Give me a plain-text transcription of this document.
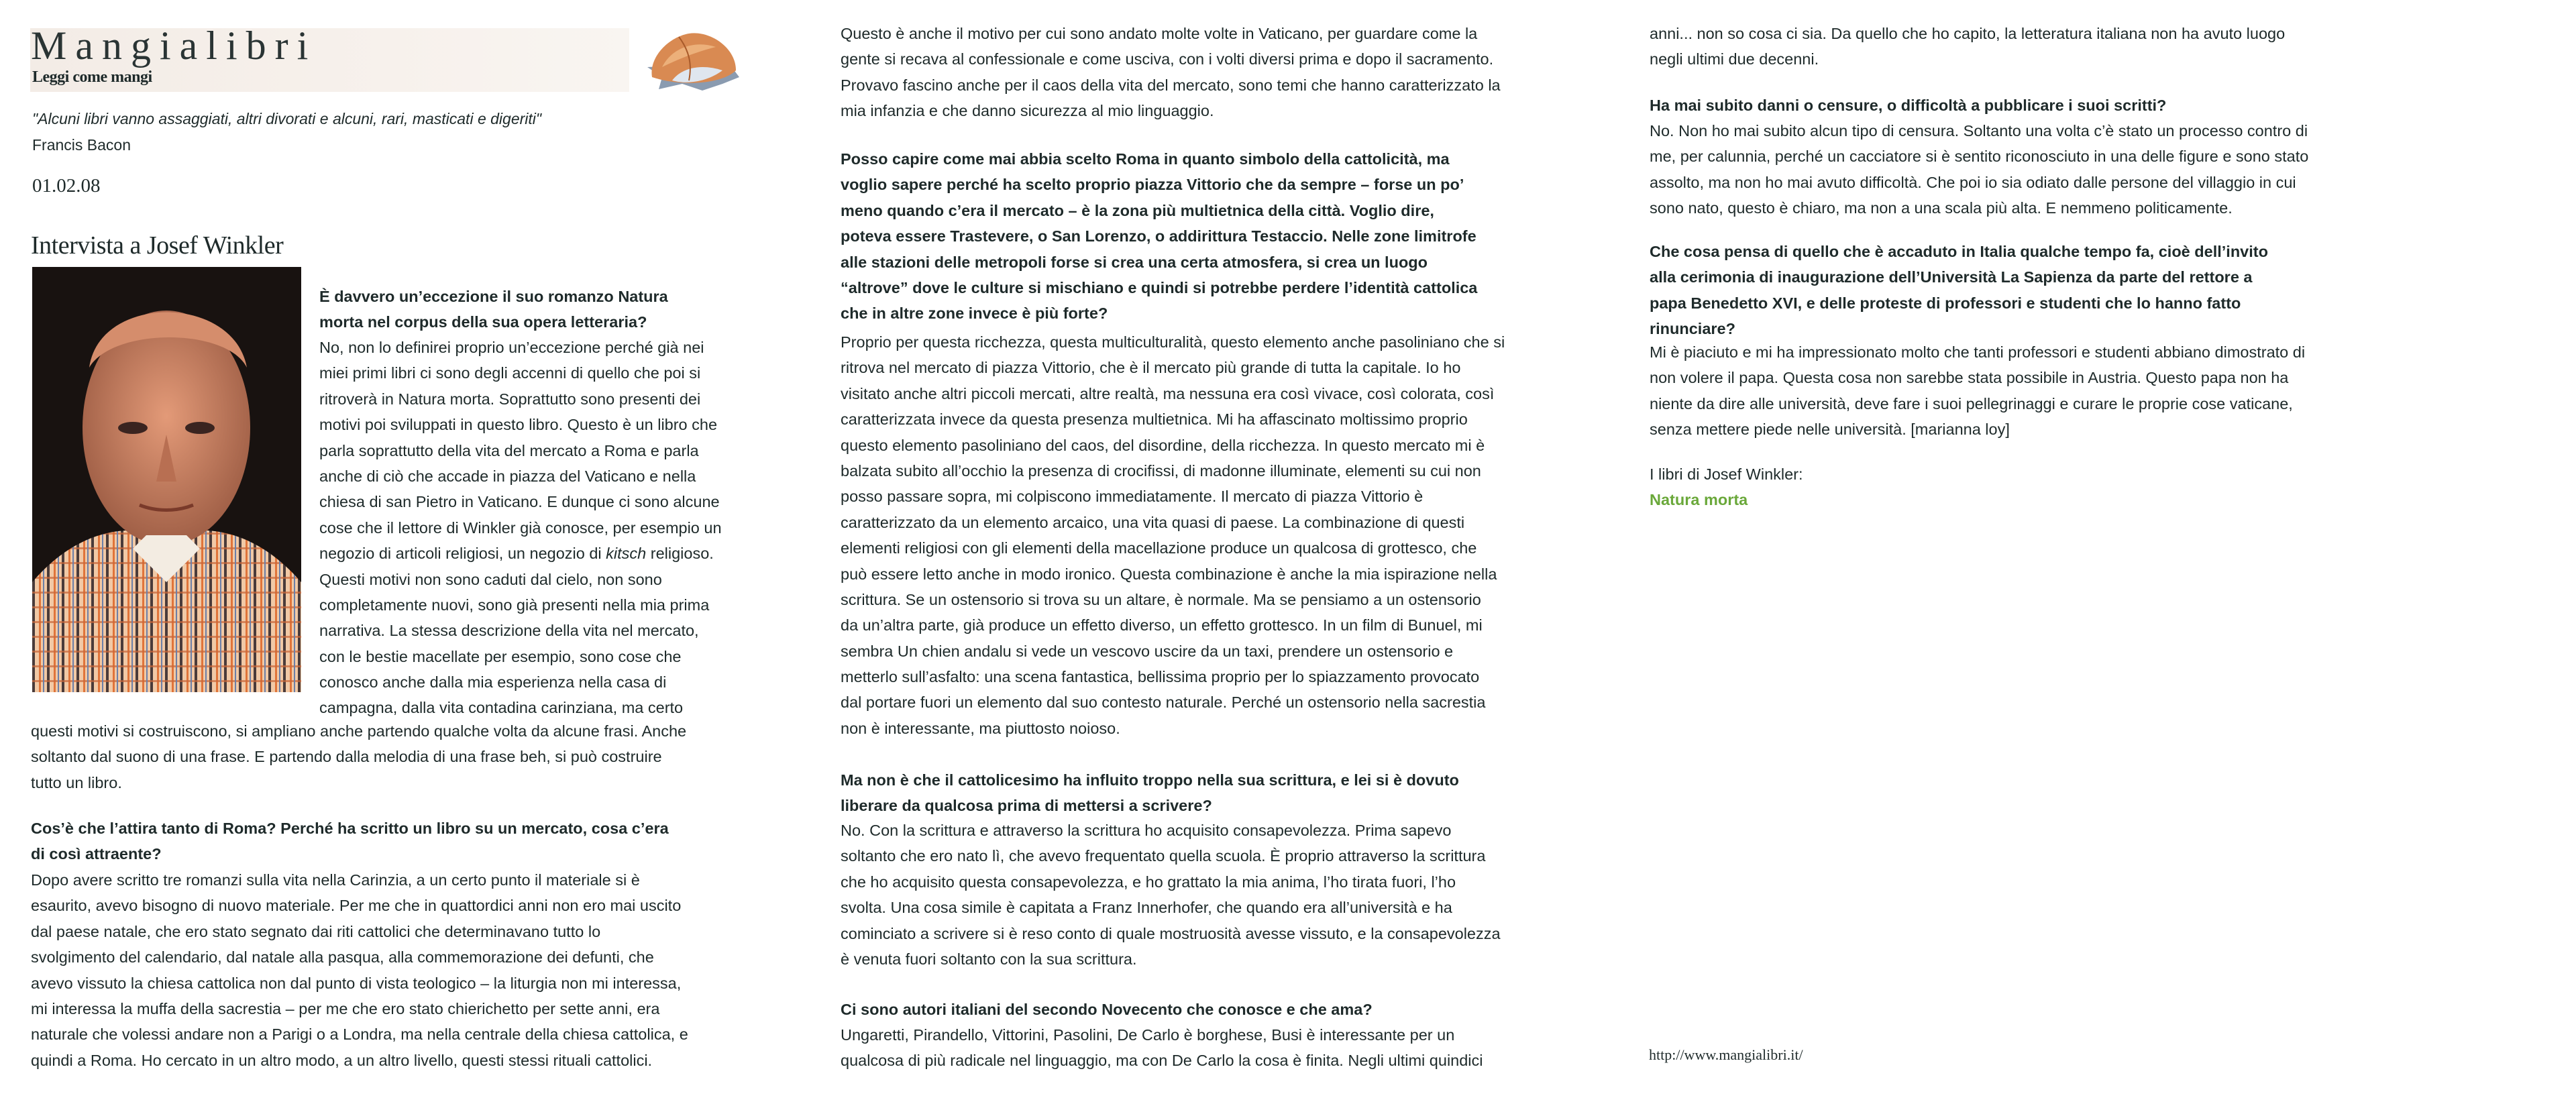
Mangialibri
Leggi come mangi
"Alcuni libri vanno assaggiati, altri divorati e alcuni, rari, masticati e digeriti"
Francis Bacon
01.02.08
Intervista a Josef Winkler
È davvero un’eccezione il suo romanzo Natura
morta nel corpus della sua opera letteraria?
No, non lo definirei proprio un’eccezione perché già nei
miei primi libri ci sono degli accenni di quello che poi si
ritroverà in Natura morta. Soprattutto sono presenti dei
motivi poi sviluppati in questo libro. Questo è un libro che
parla soprattutto della vita del mercato a Roma e parla
anche di ciò che accade in piazza del Vaticano e nella
chiesa di san Pietro in Vaticano. E dunque ci sono alcune
cose che il lettore di Winkler già conosce, per esempio un
negozio di articoli religiosi, un negozio di kitsch religioso.
Questi motivi non sono caduti dal cielo, non sono
completamente nuovi, sono già presenti nella mia prima
narrativa. La stessa descrizione della vita nel mercato,
con le bestie macellate per esempio, sono cose che
conosco anche dalla mia esperienza nella casa di
campagna, dalla vita contadina carinziana, ma certo
questi motivi si costruiscono, si ampliano anche partendo qualche volta da alcune frasi. Anche
soltanto dal suono di una frase. E partendo dalla melodia di una frase beh, si può costruire
tutto un libro.
Cos’è che l’attira tanto di Roma? Perché ha scritto un libro su un mercato, cosa c’era
di così attraente?
Dopo avere scritto tre romanzi sulla vita nella Carinzia, a un certo punto il materiale si è
esaurito, avevo bisogno di nuovo materiale. Per me che in quattordici anni non ero mai uscito
dal paese natale, che ero stato segnato dai riti cattolici che determinavano tutto lo
svolgimento del calendario, dal natale alla pasqua, alla commemorazione dei defunti, che
avevo vissuto la chiesa cattolica non dal punto di vista teologico – la liturgia non mi interessa,
mi interessa la muffa della sacrestia – per me che ero stato chierichetto per sette anni, era
naturale che volessi andare non a Parigi o a Londra, ma nella centrale della chiesa cattolica, e
quindi a Roma. Ho cercato in un altro modo, a un altro livello, questi stessi rituali cattolici.
Questo è anche il motivo per cui sono andato molte volte in Vaticano, per guardare come la
gente si recava al confessionale e come usciva, con i volti diversi prima e dopo il sacramento.
Provavo fascino anche per il caos della vita del mercato, sono temi che hanno caratterizzato la
mia infanzia e che danno sicurezza al mio linguaggio.
Posso capire come mai abbia scelto Roma in quanto simbolo della cattolicità, ma
voglio sapere perché ha scelto proprio piazza Vittorio che da sempre – forse un po’
meno quando c’era il mercato – è la zona più multietnica della città. Voglio dire,
poteva essere Trastevere, o San Lorenzo, o addirittura Testaccio. Nelle zone limitrofe
alle stazioni delle metropoli forse si crea una certa atmosfera, si crea un luogo
“altrove” dove le culture si mischiano e quindi si potrebbe perdere l’identità cattolica
che in altre zone invece è più forte?
Proprio per questa ricchezza, questa multiculturalità, questo elemento anche pasoliniano che si
ritrova nel mercato di piazza Vittorio, che è il mercato più grande di tutta la capitale. Io ho
visitato anche altri piccoli mercati, altre realtà, ma nessuna era così vivace, così colorata, così
caratterizzata invece da questa presenza multietnica. Mi ha affascinato moltissimo proprio
questo elemento pasoliniano del caos, del disordine, della ricchezza. In questo mercato mi è
balzata subito all’occhio la presenza di crocifissi, di madonne illuminate, elementi su cui non
posso passare sopra, mi colpiscono immediatamente. Il mercato di piazza Vittorio è
caratterizzato da un elemento arcaico, una vita quasi di paese. La combinazione di questi
elementi religiosi con gli elementi della macellazione produce un qualcosa di grottesco, che
può essere letto anche in modo ironico. Questa combinazione è anche la mia ispirazione nella
scrittura. Se un ostensorio si trova su un altare, è normale. Ma se pensiamo a un ostensorio
da un’altra parte, già produce un effetto diverso, un effetto grottesco. In un film di Bunuel, mi
sembra Un chien andalu si vede un vescovo uscire da un taxi, prendere un ostensorio e
metterlo sull’asfalto: una scena fantastica, bellissima proprio per lo spiazzamento provocato
dal portare fuori un elemento dal suo contesto naturale. Perché un ostensorio nella sacrestia
non è interessante, ma piuttosto noioso.
Ma non è che il cattolicesimo ha influito troppo nella sua scrittura, e lei si è dovuto
liberare da qualcosa prima di mettersi a scrivere?
No. Con la scrittura e attraverso la scrittura ho acquisito consapevolezza. Prima sapevo
soltanto che ero nato lì, che avevo frequentato quella scuola. È proprio attraverso la scrittura
che ho acquisito questa consapevolezza, e ho grattato la mia anima, l’ho tirata fuori, l’ho
svolta. Una cosa simile è capitata a Franz Innerhofer, che quando era all’università e ha
cominciato a scrivere si è reso conto di quale mostruosità avesse vissuto, e la consapevolezza
è venuta fuori soltanto con la sua scrittura.
Ci sono autori italiani del secondo Novecento che conosce e che ama?
Ungaretti, Pirandello, Vittorini, Pasolini, De Carlo è borghese, Busi è interessante per un
qualcosa di più radicale nel linguaggio, ma con De Carlo la cosa è finita. Negli ultimi quindici
anni... non so cosa ci sia. Da quello che ho capito, la letteratura italiana non ha avuto luogo
negli ultimi due decenni.
Ha mai subito danni o censure, o difficoltà a pubblicare i suoi scritti?
No. Non ho mai subito alcun tipo di censura. Soltanto una volta c’è stato un processo contro di
me, per calunnia, perché un cacciatore si è sentito riconosciuto in una delle figure e sono stato
assolto, ma non ho mai avuto difficoltà. Che poi io sia odiato dalle persone del villaggio in cui
sono nato, questo è chiaro, ma non a una scala più alta. E nemmeno politicamente.
Che cosa pensa di quello che è accaduto in Italia qualche tempo fa, cioè dell’invito
alla cerimonia di inaugurazione dell’Università La Sapienza da parte del rettore a
papa Benedetto XVI, e delle proteste di professori e studenti che lo hanno fatto
rinunciare?
Mi è piaciuto e mi ha impressionato molto che tanti professori e studenti abbiano dimostrato di
non volere il papa. Questa cosa non sarebbe stata possibile in Austria. Questo papa non ha
niente da dire alle università, deve fare i suoi pellegrinaggi e curare le proprie cose vaticane,
senza mettere piede nelle università. [marianna loy]
I libri di Josef Winkler:
Natura morta
http://www.mangialibri.it/
